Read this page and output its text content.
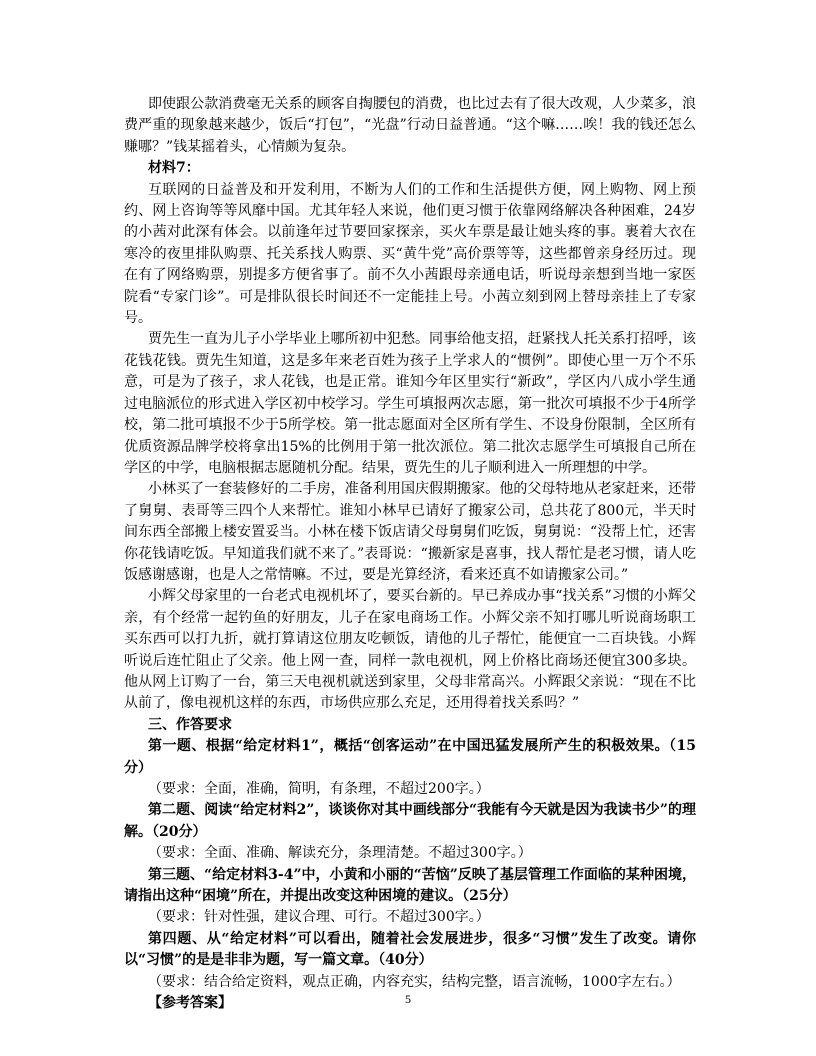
即使跟公款消费毫无关系的顾客自掏腰包的消费，也比过去有了很大改观，人少菜多，浪费严重的现象越来越少，饭后“打包”，“光盘”行动日益普通。“这个嘛……唉！我的钱还怎么赚哪？”钱某摇着头，心情颇为复杂。

材料7：

互联网的日益普及和开发利用，不断为人们的工作和生活提供方便，网上购物、网上预约、网上咨询等等风靡中国。尤其年轻人来说，他们更习惯于依靠网络解决各种困难，24岁的小茜对此深有体会。以前逢年过节要回家探亲，买火车票是最让她头疼的事。裹着大衣在寒冷的夜里排队购票、托关系找人购票、买“黄牛党”高价票等等，这些都曾亲身经历过。现在有了网络购票，别提多方便省事了。前不久小茜跟母亲通电话，听说母亲想到当地一家医院看“专家门诊”。可是排队很长时间还不一定能挂上号。小茜立刻到网上替母亲挂上了专家号。

贾先生一直为儿子小学毕业上哪所初中犯愁。同事给他支招，赶紧找人托关系打招呼，该花钱花钱。贾先生知道，这是多年来老百姓为孩子上学求人的“惯例”。即使心里一万个不乐意，可是为了孩子，求人花钱，也是正常。谁知今年区里实行“新政”，学区内八成小学生通过电脑派位的形式进入学区初中校学习。学生可填报两次志愿，第一批次可填报不少于4所学校，第二批可填报不少于5所学校。第一批志愿面对全区所有学生、不设身份限制，全区所有优质资源品牌学校将拿出15%的比例用于第一批次派位。第二批次志愿学生可填报自己所在学区的中学，电脑根据志愿随机分配。结果，贾先生的儿子顺利进入一所理想的中学。

小林买了一套装修好的二手房，准备利用国庆假期搬家。他的父母特地从老家赶来，还带了舅舅、表哥等三四个人来帮忙。谁知小林早已请好了搬家公司，总共花了800元，半天时间东西全部搬上楼安置妥当。小林在楼下饭店请父母舅舅们吃饭，舅舅说：“没帮上忙，还害你花钱请吃饭。早知道我们就不来了。”表哥说：“搬新家是喜事，找人帮忙是老习惯，请人吃饭感谢感谢，也是人之常情嘛。不过，要是光算经济，看来还真不如请搬家公司。”

小辉父母家里的一台老式电视机坏了，要买台新的。早已养成办事“找关系”习惯的小辉父亲，有个经常一起钓鱼的好朋友，儿子在家电商场工作。小辉父亲不知打哪儿听说商场职工买东西可以打九折，就打算请这位朋友吃顿饭，请他的儿子帮忙，能便宜一二百块钱。小辉听说后连忙阻止了父亲。他上网一查，同样一款电视机，网上价格比商场还便宜300多块。他从网上订购了一台，第三天电视机就送到家里，父母非常高兴。小辉跟父亲说：“现在不比从前了，像电视机这样的东西，市场供应那么充足，还用得着找关系吗？”

三、作答要求

第一题、根据“给定材料1”，概括“创客运动”在中国迅猛发展所产生的积极效果。（15分）

（要求：全面，准确，简明，有条理，不超过200字。）

第二题、阅读“给定材料2”，谈谈你对其中画线部分“我能有今天就是因为我读书少”的理解。（20分）

（要求：全面、准确、解读充分，条理清楚。不超过300字。）

第三题、“给定材料3-4”中，小黄和小丽的“苦恼”反映了基层管理工作面临的某种困境，请指出这种“困境”所在，并提出改变这种困境的建议。（25分）

（要求：针对性强，建议合理、可行。不超过300字。）

第四题、从“给定材料”可以看出，随着社会发展进步，很多“习惯”发生了改变。请你以“习惯”的是是非非为题，写一篇文章。（40分）

（要求：结合给定资料，观点正确，内容充实，结构完整，语言流畅，1000字左右。）

【参考答案】	5
